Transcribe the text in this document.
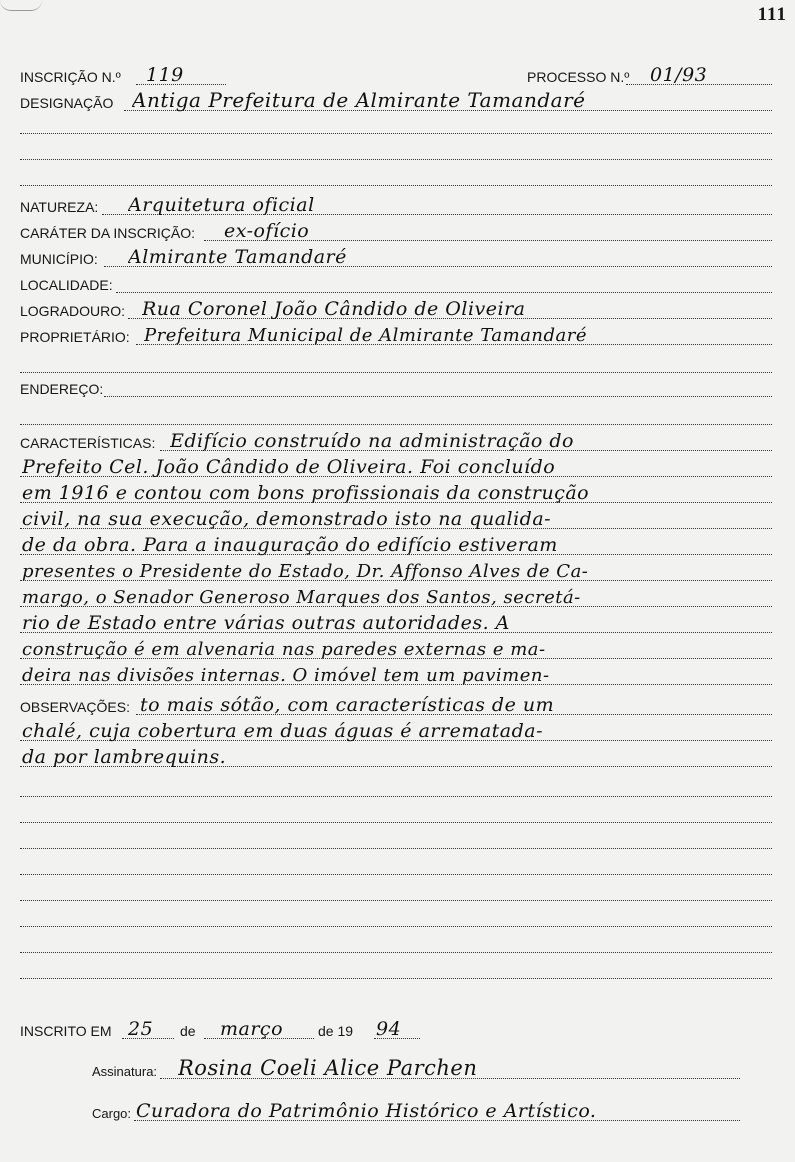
111
INSCRIÇÃO N.º 119	PROCESSO N.º 01/93
DESIGNAÇÃO Antiga Prefeitura de Almirante Tamandaré
NATUREZA: Arquitetura oficial
CARÁTER DA INSCRIÇÃO: ex-ofício
MUNICÍPIO: Almirante Tamandaré
LOCALIDADE:
LOGRADOURO: Rua Coronel João Cândido de Oliveira
PROPRIETÁRIO: Prefeitura Municipal de Almirante Tamandaré
ENDEREÇO:
CARACTERÍSTICAS: Edifício construído na administração do
Prefeito Cel. João Cândido de Oliveira. Foi concluído
em 1916 e contou com bons profissionais da construção
civil, na sua execução, demonstrado isto na qualida-
de da obra. Para a inauguração do edifício estiveram
presentes o Presidente do Estado, Dr. Affonso Alves de Ca-
margo, o Senador Generoso Marques dos Santos, secretá-
rio de Estado entre várias outras autoridades. A
construção é em alvenaria nas paredes externas e ma-
deira nas divisões internas. O imóvel tem um pavimen-
OBSERVAÇÕES: to mais sótão, com características de um
chalé, cuja cobertura em duas águas é arrematada-
da por lambrequins.
INSCRITO EM 25 de março de 19 94
Assinatura: Rosina Coeli Alice Parchen
Cargo: Curadora do Patrimônio Histórico e Artístico.
